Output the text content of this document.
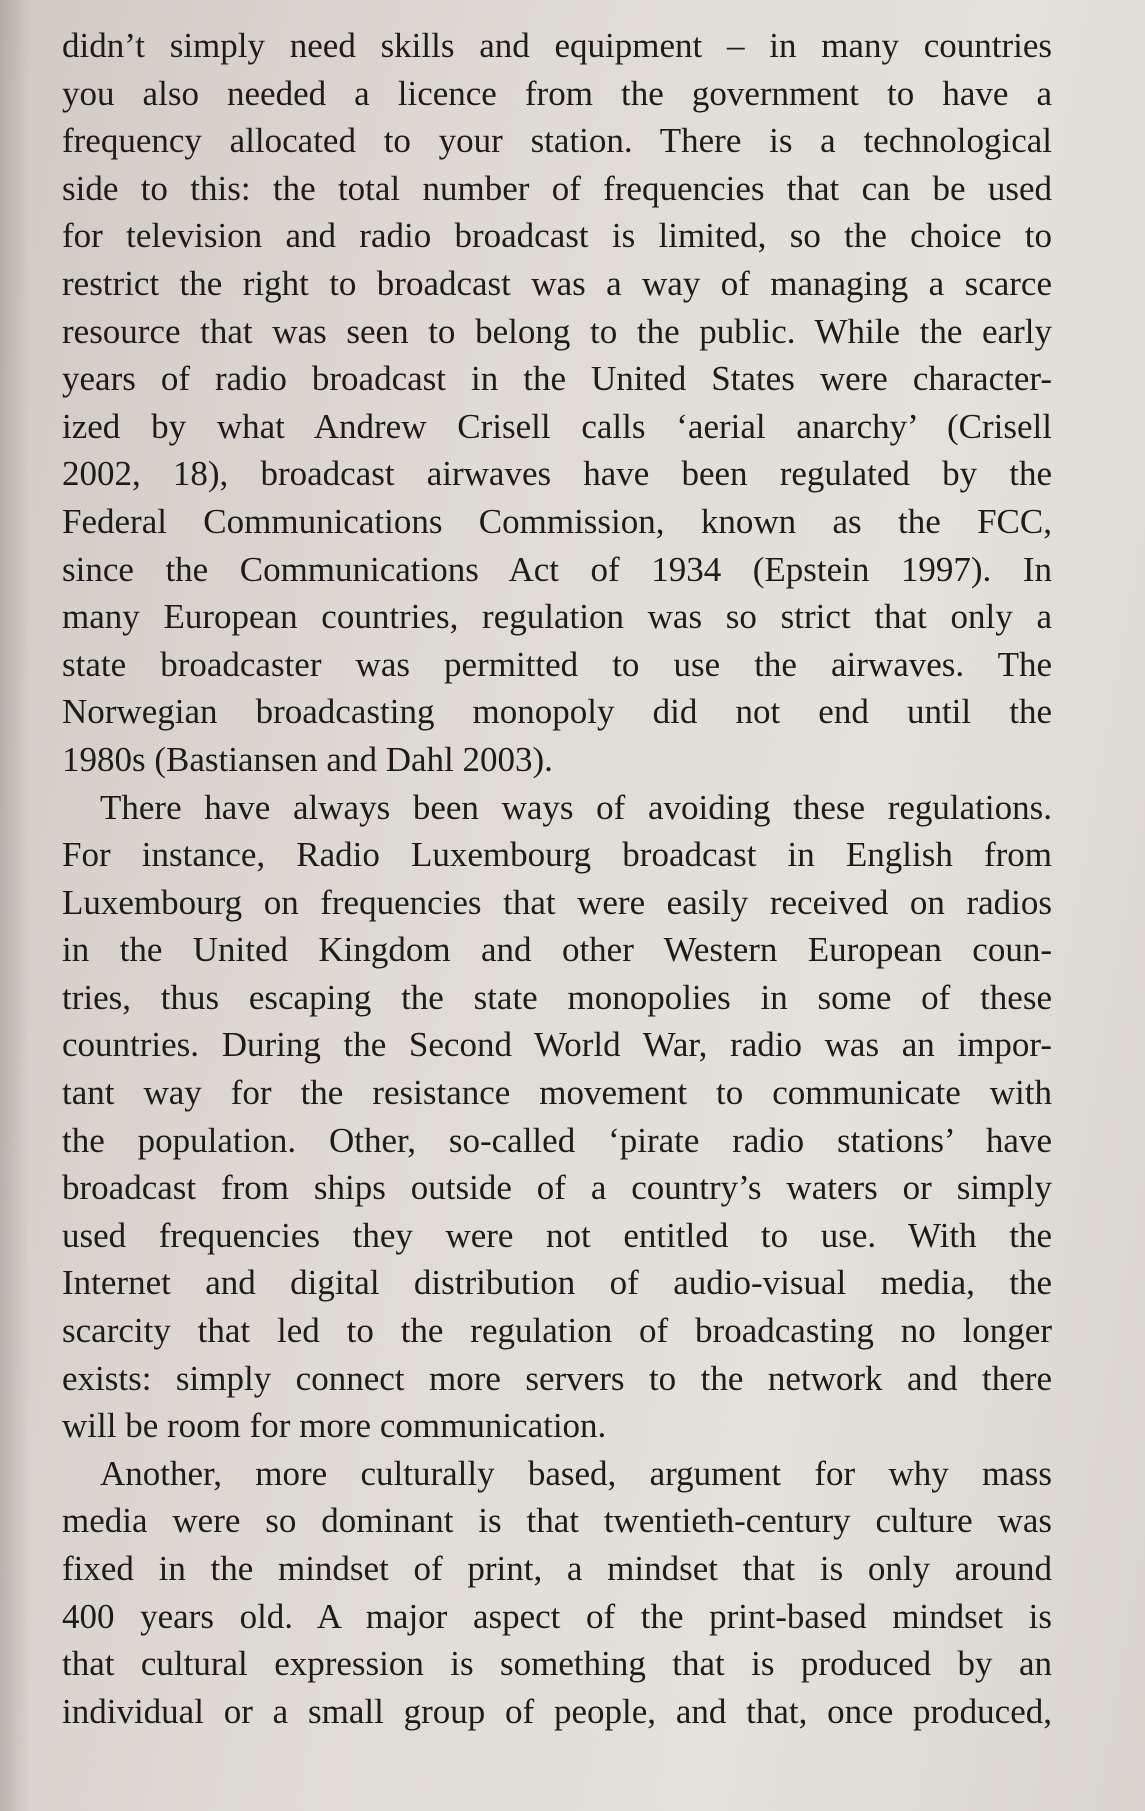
didn’t simply need skills and equipment – in many countries
you also needed a licence from the government to have a
frequency allocated to your station. There is a technological
side to this: the total number of frequencies that can be used
for television and radio broadcast is limited, so the choice to
restrict the right to broadcast was a way of managing a scarce
resource that was seen to belong to the public. While the early
years of radio broadcast in the United States were character-
ized by what Andrew Crisell calls ‘aerial anarchy’ (Crisell
2002, 18), broadcast airwaves have been regulated by the
Federal Communications Commission, known as the FCC,
since the Communications Act of 1934 (Epstein 1997). In
many European countries, regulation was so strict that only a
state broadcaster was permitted to use the airwaves. The
Norwegian broadcasting monopoly did not end until the
1980s (Bastiansen and Dahl 2003).

There have always been ways of avoiding these regulations.
For instance, Radio Luxembourg broadcast in English from
Luxembourg on frequencies that were easily received on radios
in the United Kingdom and other Western European coun-
tries, thus escaping the state monopolies in some of these
countries. During the Second World War, radio was an impor-
tant way for the resistance movement to communicate with
the population. Other, so-called ‘pirate radio stations’ have
broadcast from ships outside of a country’s waters or simply
used frequencies they were not entitled to use. With the
Internet and digital distribution of audio-visual media, the
scarcity that led to the regulation of broadcasting no longer
exists: simply connect more servers to the network and there
will be room for more communication.

Another, more culturally based, argument for why mass
media were so dominant is that twentieth-century culture was
fixed in the mindset of print, a mindset that is only around
400 years old. A major aspect of the print-based mindset is
that cultural expression is something that is produced by an
individual or a small group of people, and that, once produced,
